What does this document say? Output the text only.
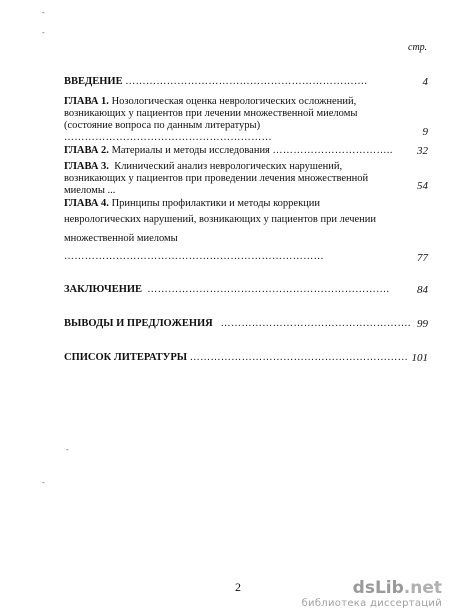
стр.
-
-
-
-
ВВЕДЕНИЕ …………………………………………………………….	4
ГЛАВА 1. Нозологическая оценка неврологических осложнений,
возникающих у пациентов при лечении множественной миеломы
(состояние вопроса по данным литературы)
……………………………………………………	9
ГЛАВА 2. Материалы и методы исследования ……………………………..	32
ГЛАВА 3. Клинический анализ неврологических нарушений,
возникающих у пациентов при проведении лечения множественной
миеломы ...	54
ГЛАВА 4. Принципы профилактики и методы коррекции
неврологических нарушений, возникающих у пациентов при лечении
множественной миеломы
…………………………………………………………………	77
ЗАКЛЮЧЕНИЕ …………………………………………………………….	84
ВЫВОДЫ И ПРЕДЛОЖЕНИЯ ………………………………………………. 99
СПИСОК ЛИТЕРАТУРЫ ……………………………………………………… 101
2	dsLib.net
библиотека диссертаций
